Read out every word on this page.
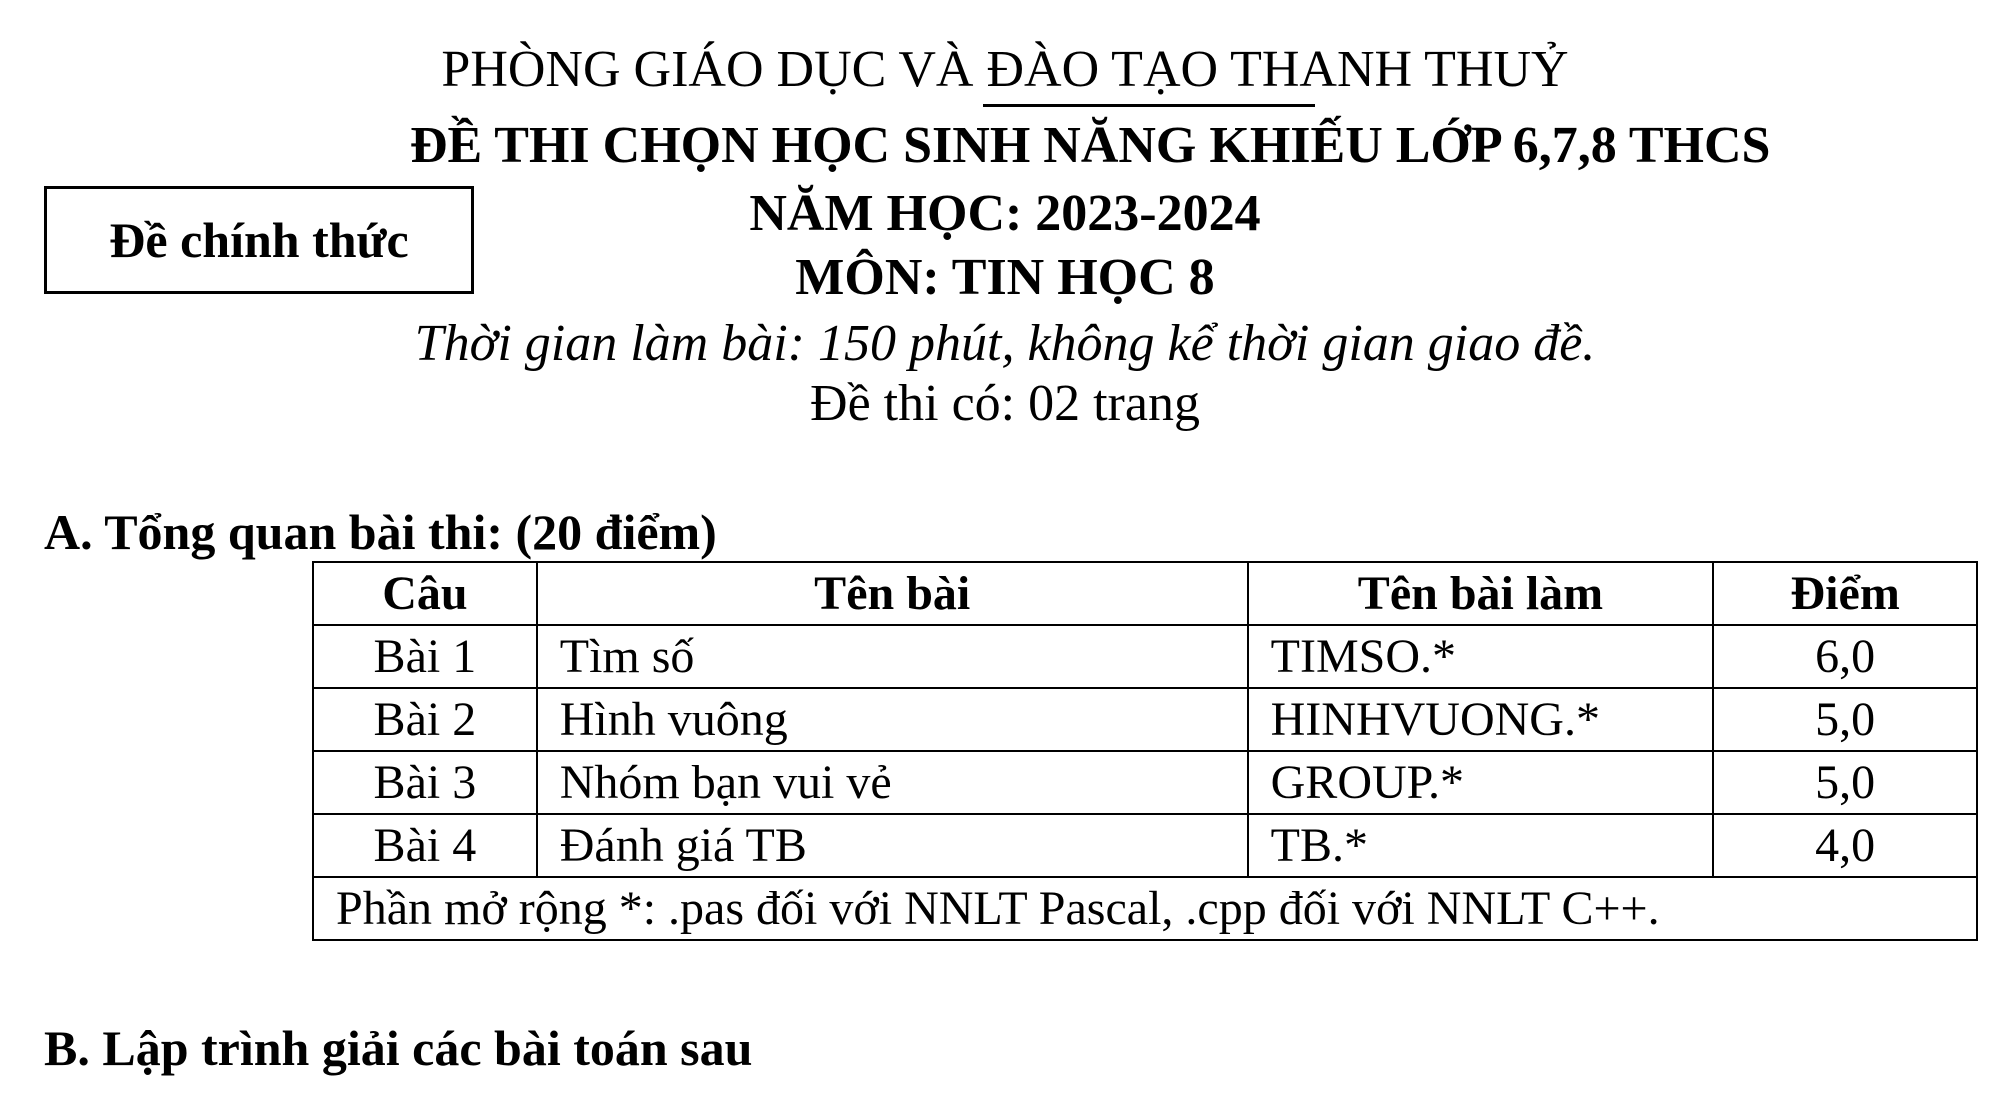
PHÒNG GIÁO DỤC VÀ ĐÀO TẠO THANH THUỶ
Đề chính thức
ĐỀ THI CHỌN HỌC SINH NĂNG KHIẾU LỚP 6,7,8 THCS
NĂM HỌC: 2023-2024
MÔN: TIN HỌC 8
Thời gian làm bài: 150 phút, không kể thời gian giao đề.
Đề thi có: 02 trang
A. Tổng quan bài thi: (20 điểm)
Câu	Tên bài	Tên bài làm	Điểm
Bài 1	Tìm số	TIMSO.*	6,0
Bài 2	Hình vuông	HINHVUONG.*	5,0
Bài 3	Nhóm bạn vui vẻ	GROUP.*	5,0
Bài 4	Đánh giá TB	TB.*	4,0
Phần mở rộng *: .pas đối với NNLT Pascal, .cpp đối với NNLT C++.			
B. Lập trình giải các bài toán sau
